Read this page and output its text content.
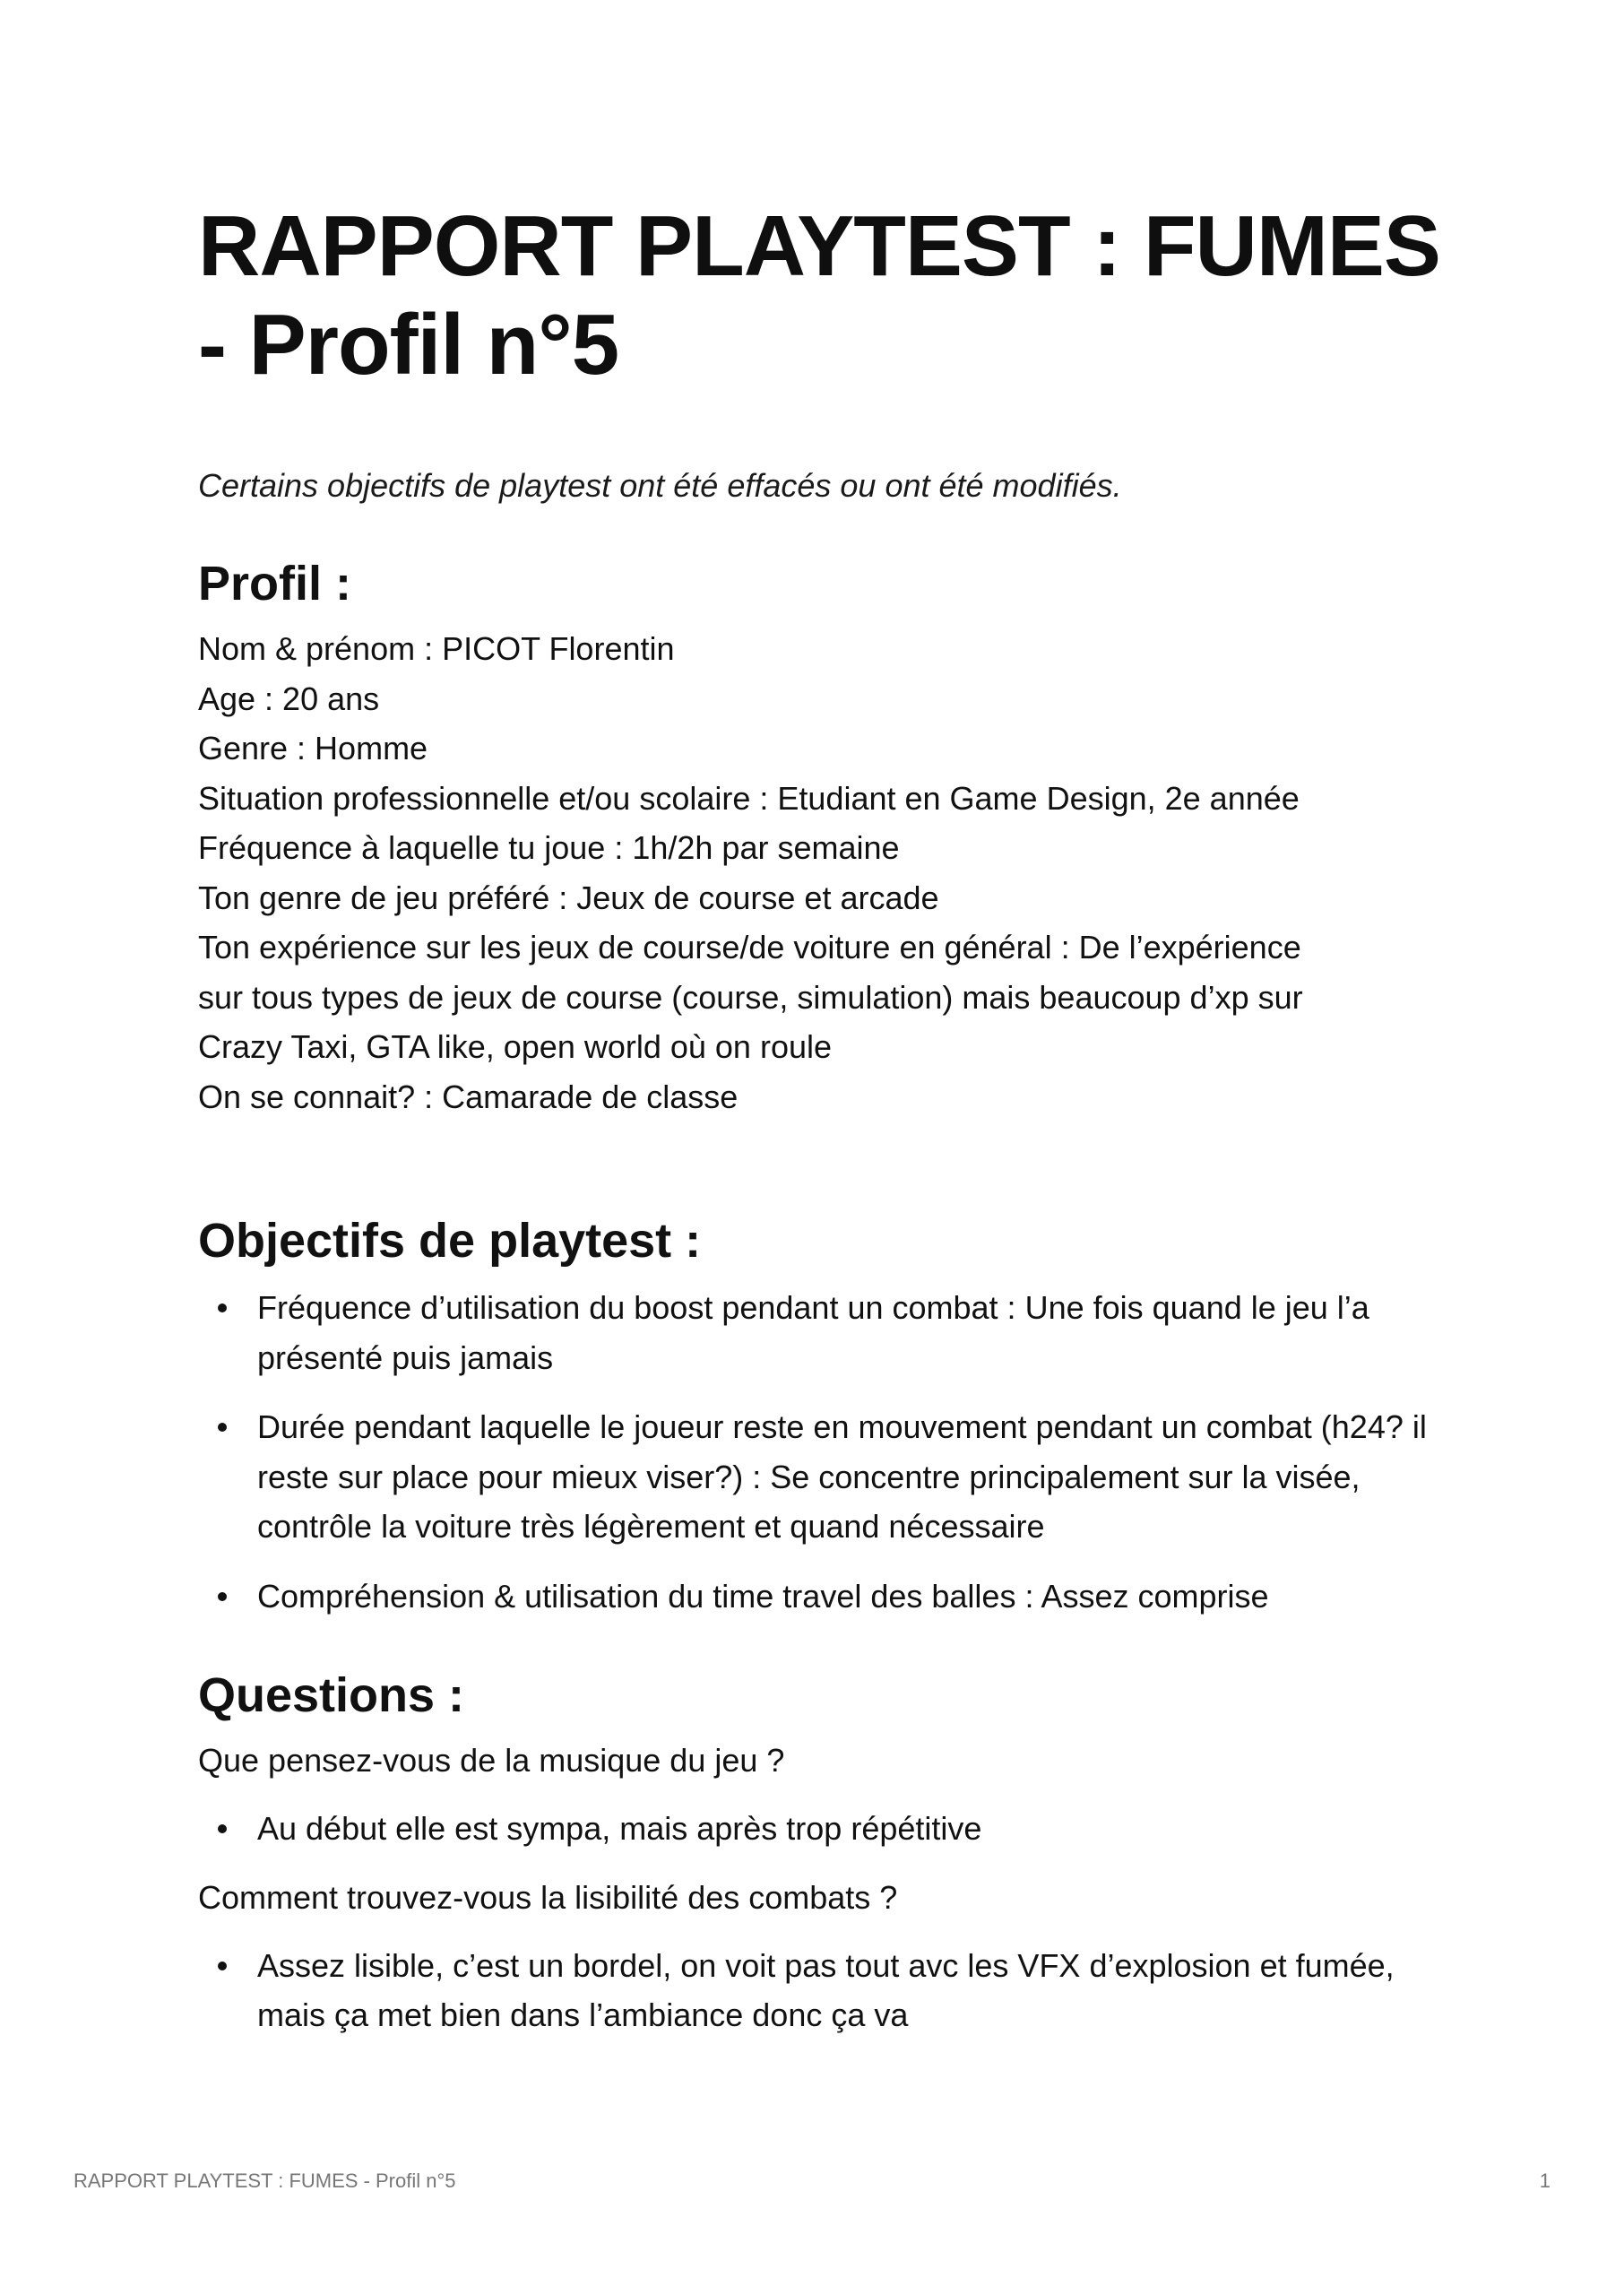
RAPPORT PLAYTEST : FUMES - Profil n°5

Certains objectifs de playtest ont été effacés ou ont été modifiés.

Profil :
Nom & prénom : PICOT Florentin
Age : 20 ans
Genre : Homme
Situation professionnelle et/ou scolaire : Etudiant en Game Design, 2e année
Fréquence à laquelle tu joue : 1h/2h par semaine
Ton genre de jeu préféré : Jeux de course et arcade
Ton expérience sur les jeux de course/de voiture en général : De l’expérience
sur tous types de jeux de course (course, simulation) mais beaucoup d’xp sur
Crazy Taxi, GTA like, open world où on roule
On se connait? : Camarade de classe
Objectifs de playtest :
Fréquence d’utilisation du boost pendant un combat : Une fois quand le jeu l’a présenté puis jamais
Durée pendant laquelle le joueur reste en mouvement pendant un combat (h24? il reste sur place pour mieux viser?) : Se concentre principalement sur la visée, contrôle la voiture très légèrement et quand nécessaire
Compréhension & utilisation du time travel des balles : Assez comprise
Questions :
Que pensez-vous de la musique du jeu ?
Au début elle est sympa, mais après trop répétitive
Comment trouvez-vous la lisibilité des combats ?
Assez lisible, c’est un bordel, on voit pas tout avc les VFX d’explosion et fumée, mais ça met bien dans l’ambiance donc ça va
RAPPORT PLAYTEST : FUMES - Profil n°5	1
